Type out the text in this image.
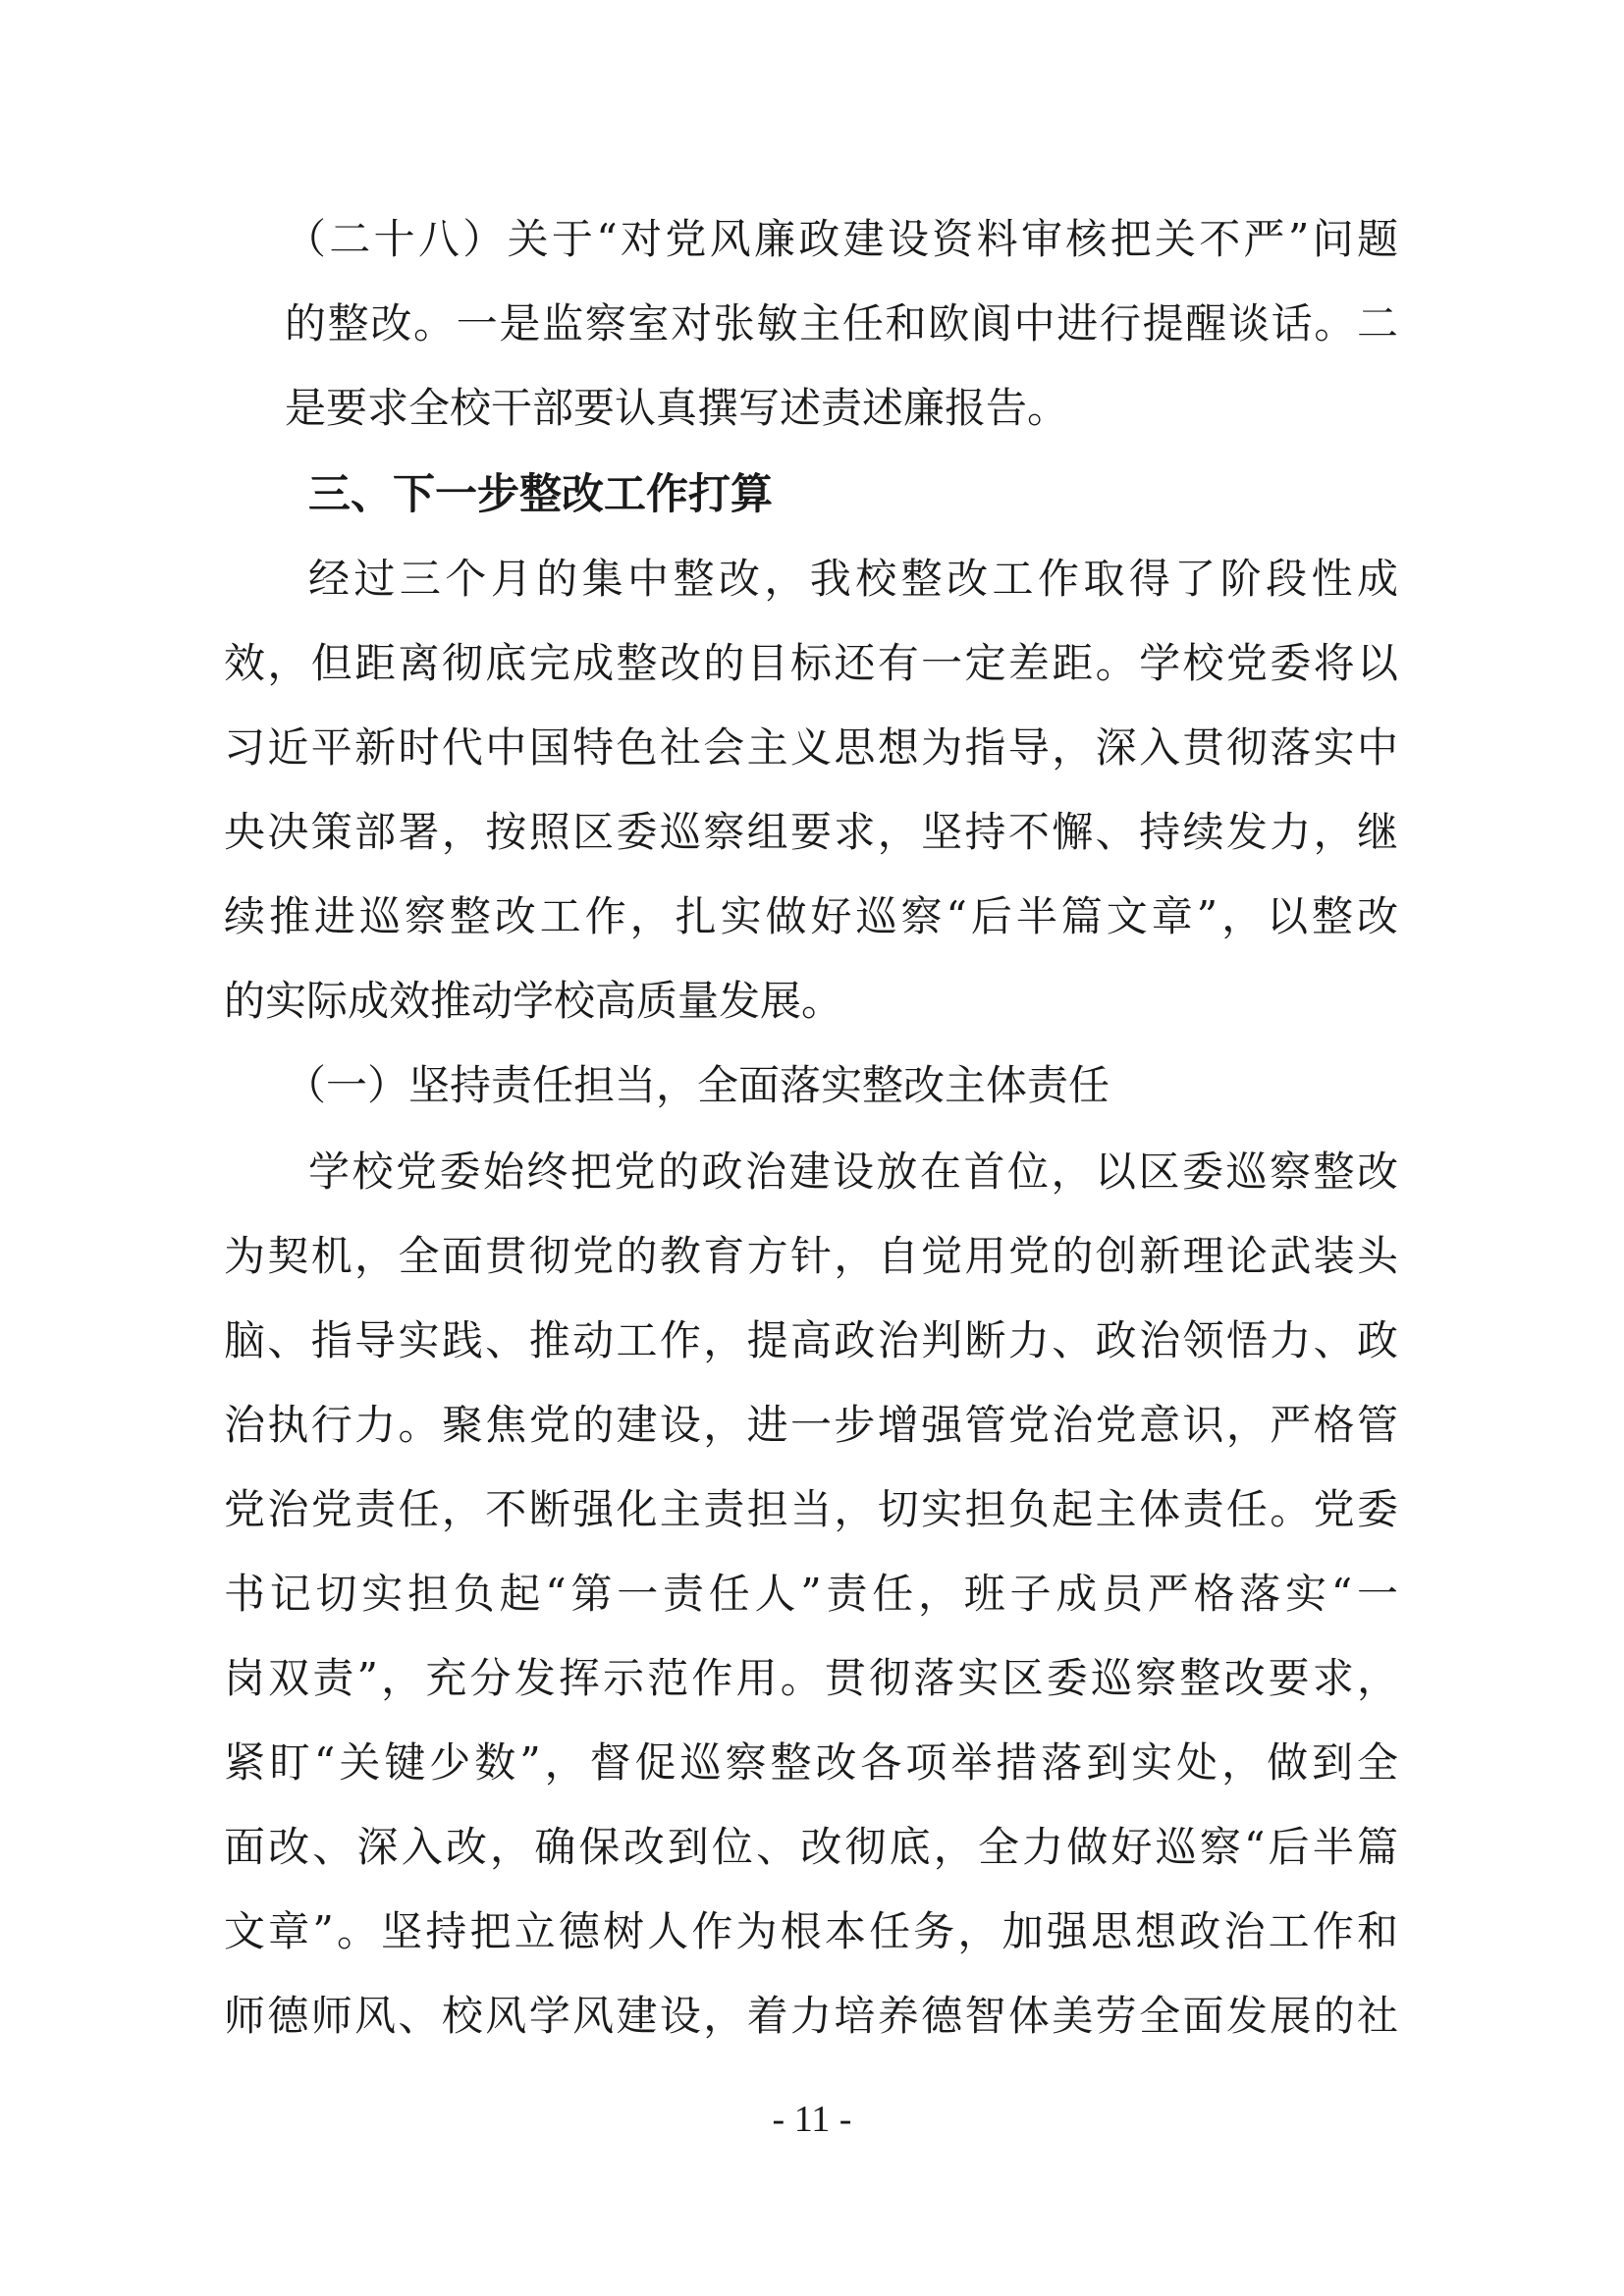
（二十八）关于“对党风廉政建设资料审核把关不严”问题
的整改。一是监察室对张敏主任和欧阆中进行提醒谈话。二
是要求全校干部要认真撰写述责述廉报告。
三、下一步整改工作打算
经过三个月的集中整改，我校整改工作取得了阶段性成
效，但距离彻底完成整改的目标还有一定差距。学校党委将以
习近平新时代中国特色社会主义思想为指导，深入贯彻落实中
央决策部署，按照区委巡察组要求，坚持不懈、持续发力，继
续推进巡察整改工作，扎实做好巡察“后半篇文章”，以整改
的实际成效推动学校高质量发展。
（一）坚持责任担当，全面落实整改主体责任
学校党委始终把党的政治建设放在首位，以区委巡察整改
为契机，全面贯彻党的教育方针，自觉用党的创新理论武装头
脑、指导实践、推动工作，提高政治判断力、政治领悟力、政
治执行力。聚焦党的建设，进一步增强管党治党意识，严格管
党治党责任，不断强化主责担当，切实担负起主体责任。党委
书记切实担负起“第一责任人”责任，班子成员严格落实“一
岗双责”，充分发挥示范作用。贯彻落实区委巡察整改要求，
紧盯“关键少数”，督促巡察整改各项举措落到实处，做到全
面改、深入改，确保改到位、改彻底，全力做好巡察“后半篇
文章”。坚持把立德树人作为根本任务，加强思想政治工作和
师德师风、校风学风建设，着力培养德智体美劳全面发展的社
- 11 -
